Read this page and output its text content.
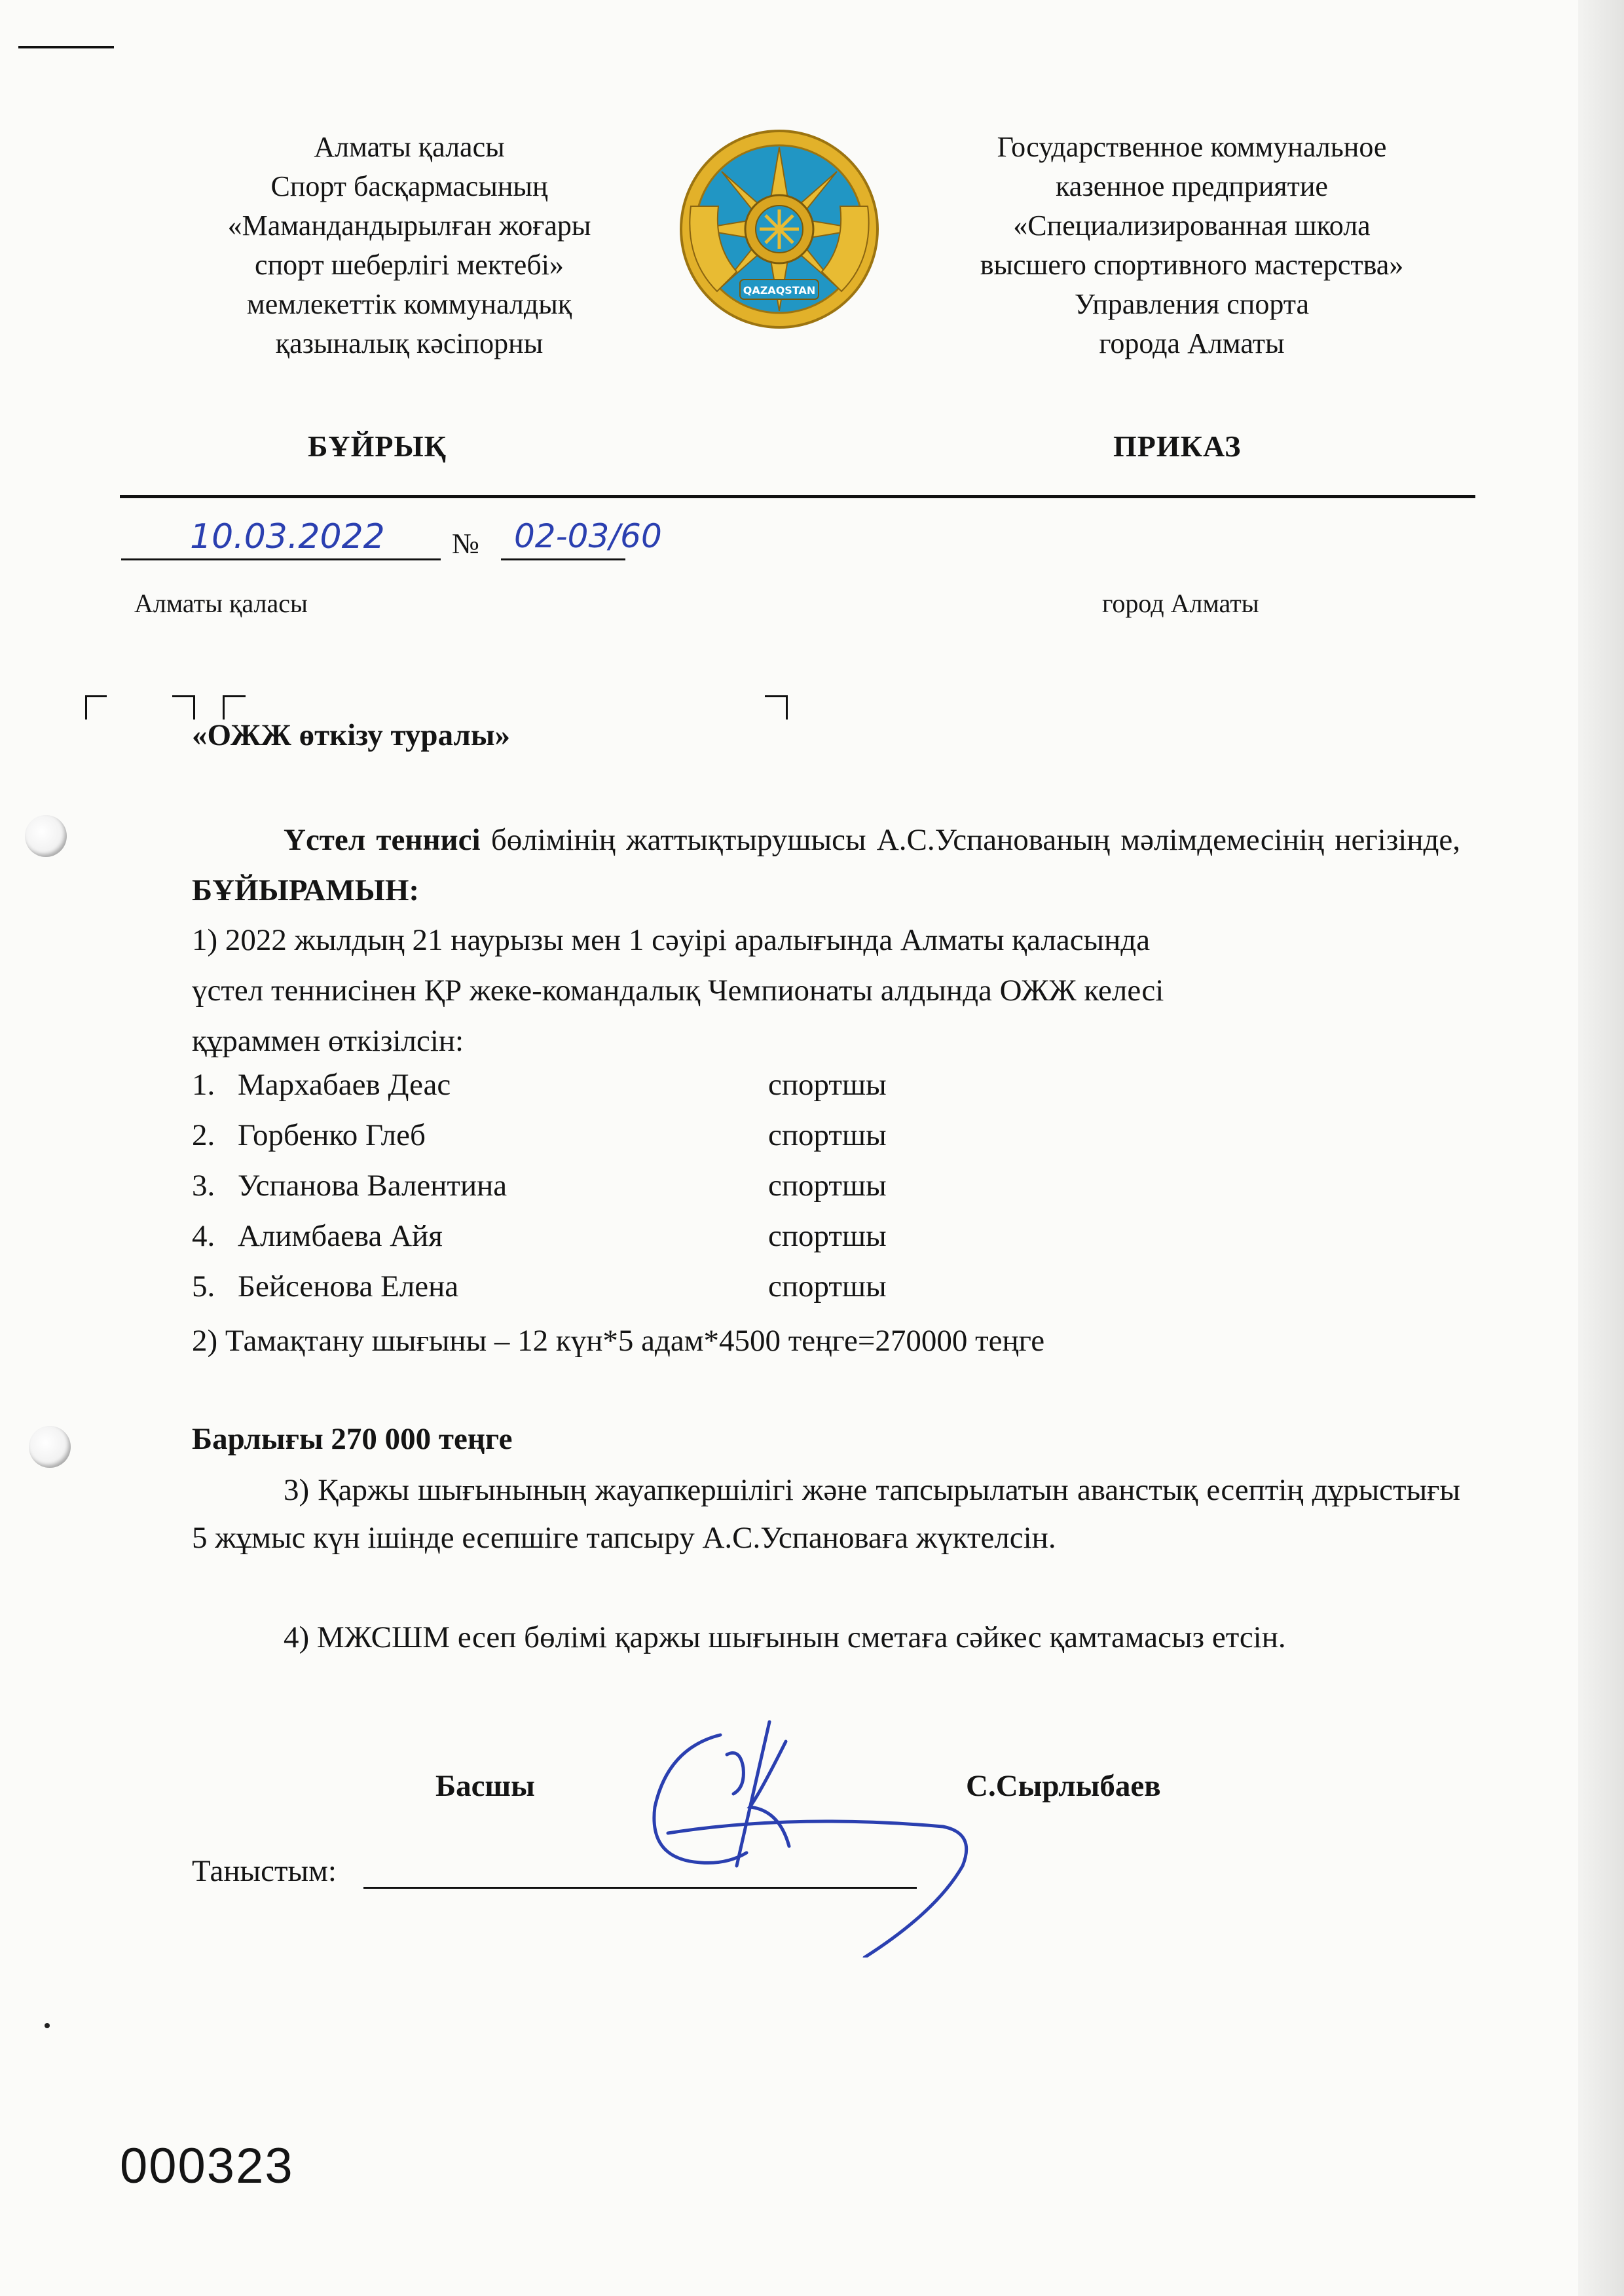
Алматы қаласы
Спорт басқармасының
«Мамандандырылған жоғары
спорт шеберлігі мектебі»
мемлекеттік коммуналдық
қазыналық кәсіпорны
QAZAQSTAN
Государственное коммунальное
казенное предприятие
«Специализированная школа
высшего спортивного мастерства»
Управления спорта
города Алматы
БҰЙРЫҚ	ПРИКАЗ
10.03.2022 № 02-03/60
Алматы қаласы	город Алматы
«ОЖЖ өткізу туралы»
Үстел теннисі бөлімінің жаттықтырушысы А.С.Успанованың мәлімдемесінің негізінде, БҰЙЫРАМЫН:
1) 2022 жылдың 21 наурызы мен 1 сәуірі аралығында Алматы қаласында
үстел теннисінен ҚР жеке-командалық Чемпионаты алдында ОЖЖ келесі
құраммен өткізілсін:
1. Мархабаев Деас	спортшы
2. Горбенко Глеб	спортшы
3. Успанова Валентина	спортшы
4. Алимбаева Айя	спортшы
5. Бейсенова Елена	спортшы
2) Тамақтану шығыны – 12 күн*5 адам*4500 теңге=270000 теңге
Барлығы 270 000 теңге
3) Қаржы шығынының жауапкершілігі және тапсырылатын аванстық есептің дұрыстығы 5 жұмыс күн ішінде есепшіге тапсыру А.С.Успановаға жүктелсін.
4) МЖСШМ есеп бөлімі қаржы шығынын сметаға сәйкес қамтамасыз етсін.
Басшы	С.Сырлыбаев
Таныстым:
000323
